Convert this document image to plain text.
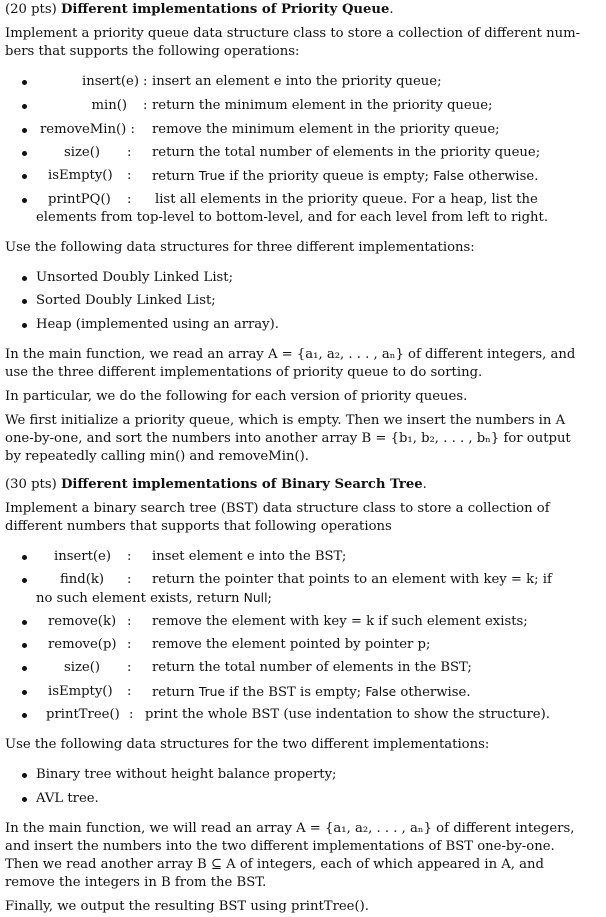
(20 pts) Different implementations of Priority Queue.
Implement a priority queue data structure class to store a collection of different num-
bers that supports the following operations:
insert(e) : insert an element e into the priority queue;
min() : return the minimum element in the priority queue;
removeMin() : remove the minimum element in the priority queue;
size() : return the total number of elements in the priority queue;
isEmpty() : return True if the priority queue is empty; False otherwise.
printPQ() : list all elements in the priority queue. For a heap, list the
elements from top-level to bottom-level, and for each level from left to right.
Use the following data structures for three different implementations:
Unsorted Doubly Linked List;
Sorted Doubly Linked List;
Heap (implemented using an array).
In the main function, we read an array A = {a₁, a₂, . . . , aₙ} of different integers, and
use the three different implementations of priority queue to do sorting.
In particular, we do the following for each version of priority queues.
We first initialize a priority queue, which is empty. Then we insert the numbers in A
one-by-one, and sort the numbers into another array B = {b₁, b₂, . . . , bₙ} for output
by repeatedly calling min() and removeMin().
(30 pts) Different implementations of Binary Search Tree.
Implement a binary search tree (BST) data structure class to store a collection of
different numbers that supports that following operations
insert(e) : inset element e into the BST;
find(k) : return the pointer that points to an element with key = k; if
no such element exists, return Null;
remove(k) : remove the element with key = k if such element exists;
remove(p) : remove the element pointed by pointer p;
size() : return the total number of elements in the BST;
isEmpty() : return True if the BST is empty; False otherwise.
printTree() : print the whole BST (use indentation to show the structure).
Use the following data structures for the two different implementations:
Binary tree without height balance property;
AVL tree.
In the main function, we will read an array A = {a₁, a₂, . . . , aₙ} of different integers,
and insert the numbers into the two different implementations of BST one-by-one.
Then we read another array B ⊆ A of integers, each of which appeared in A, and
remove the integers in B from the BST.
Finally, we output the resulting BST using printTree().
